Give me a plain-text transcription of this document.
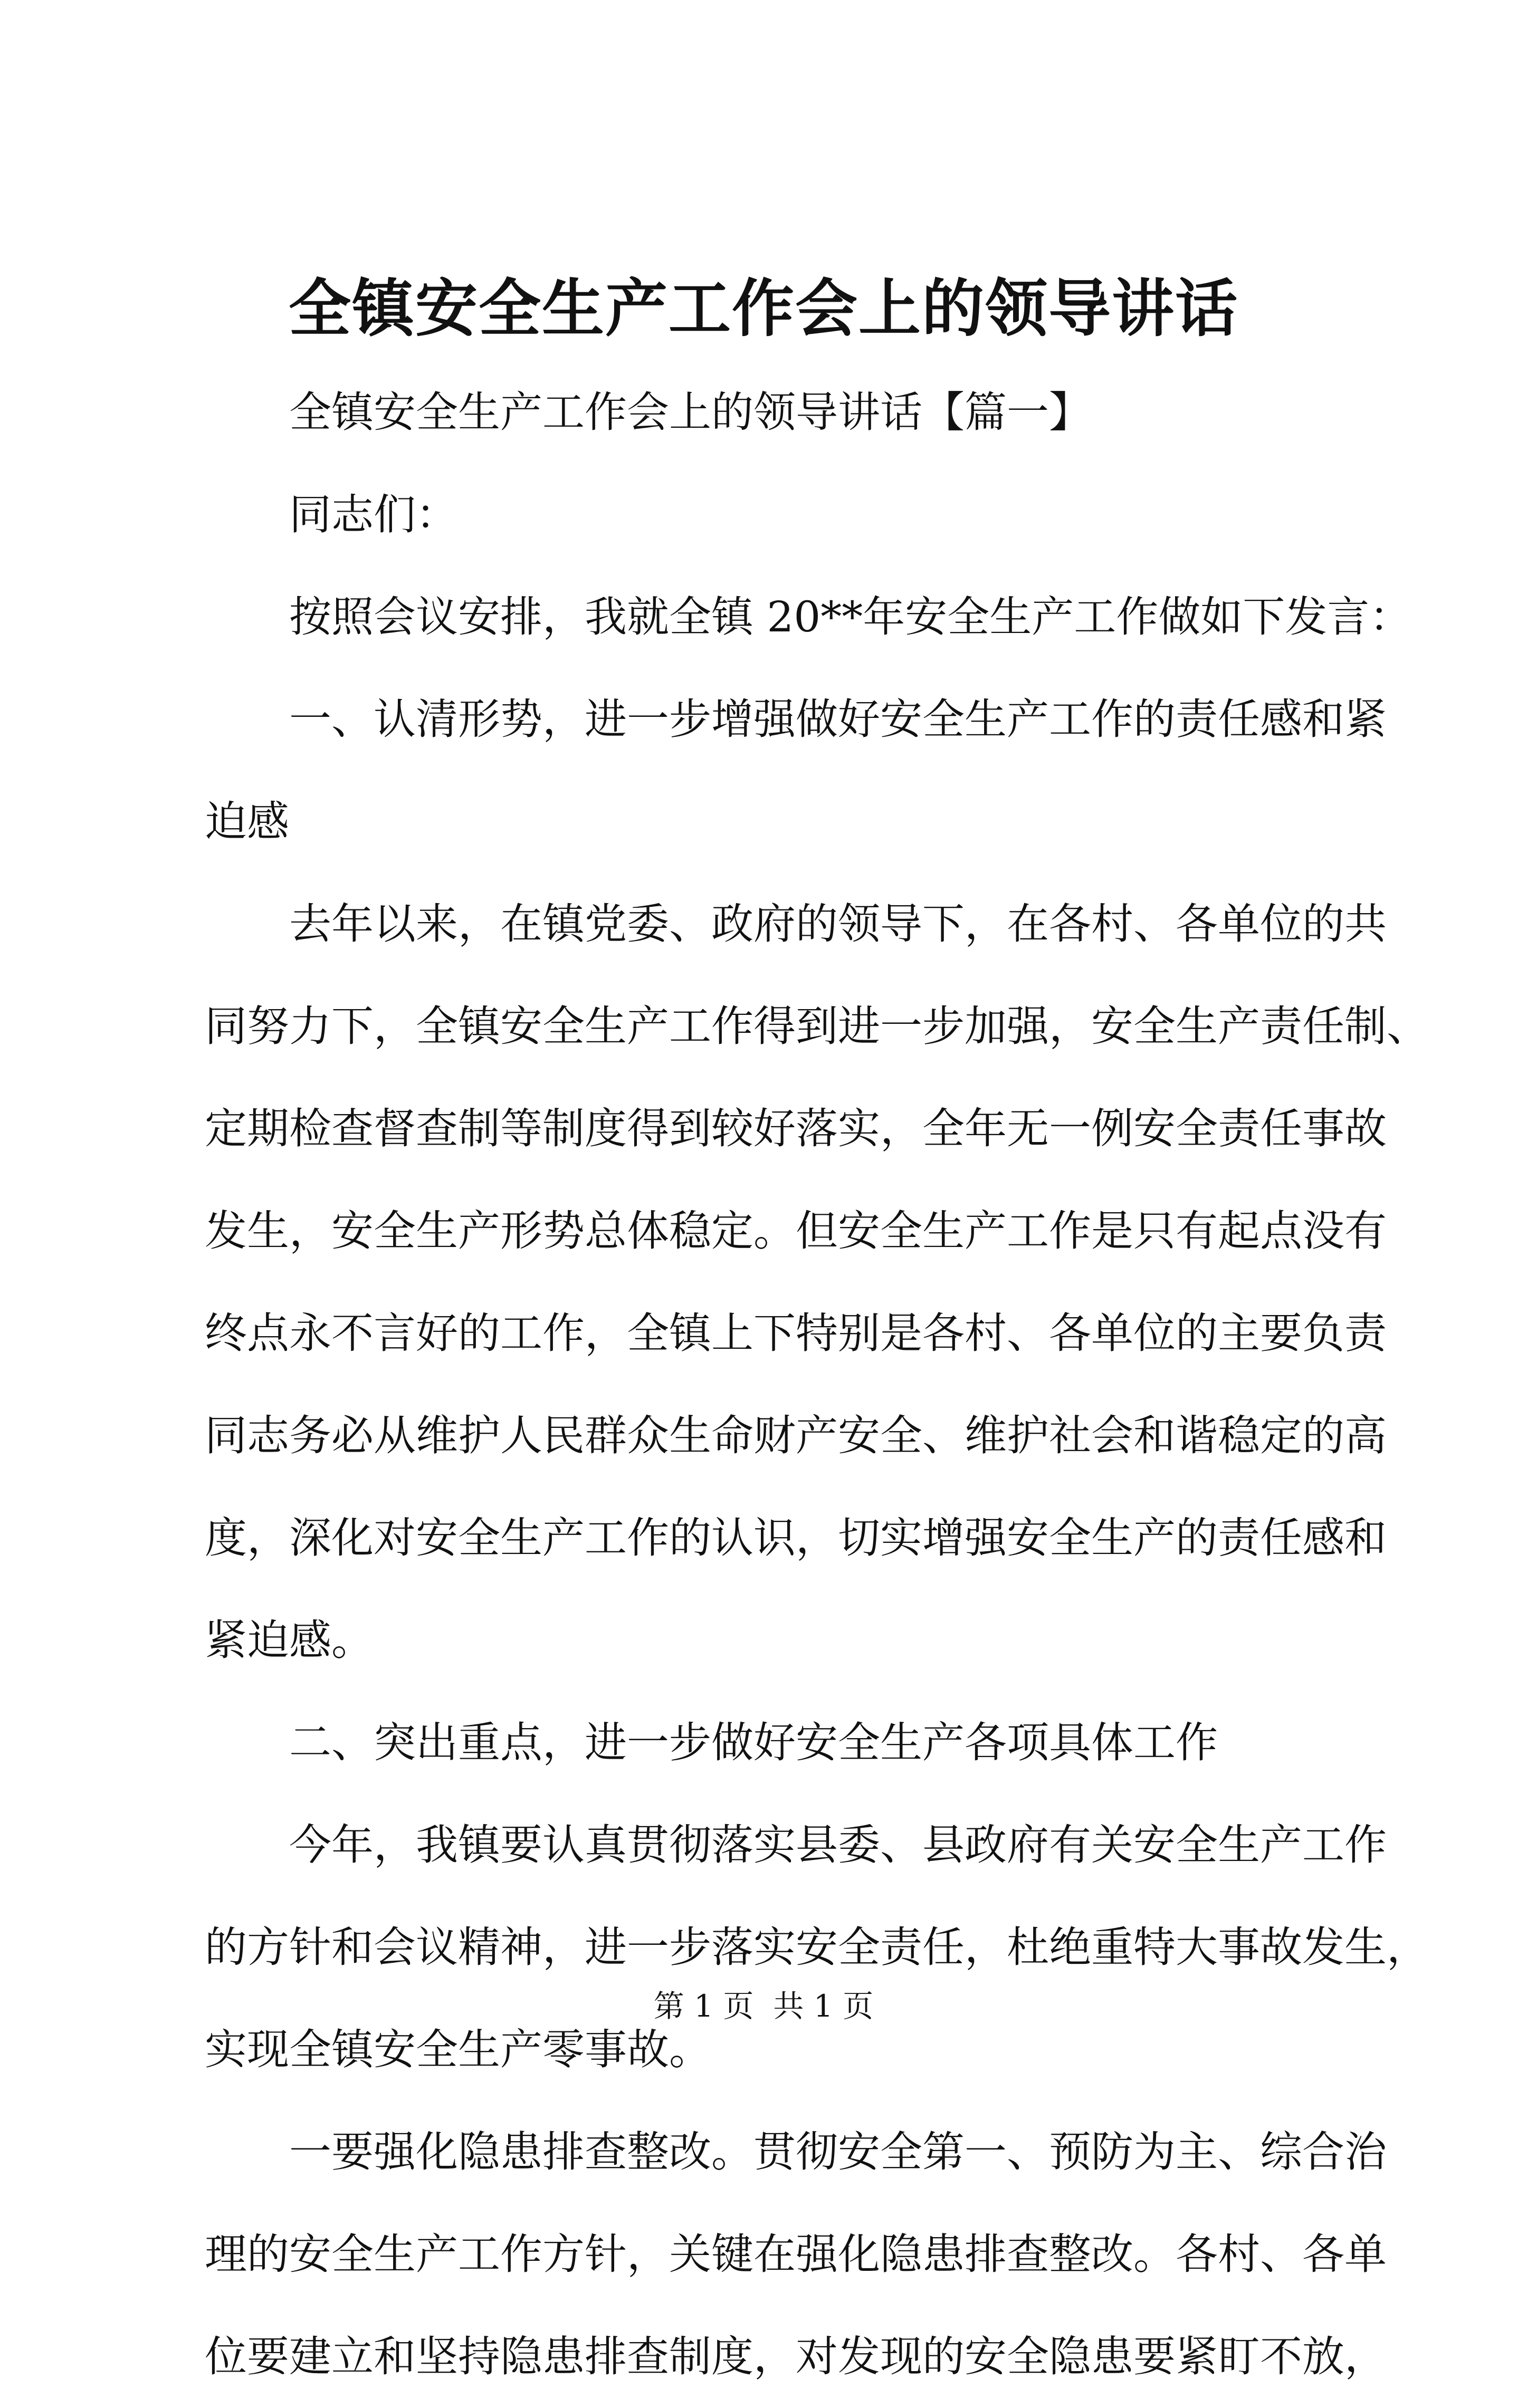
全镇安全生产工作会上的领导讲话
全镇安全生产工作会上的领导讲话【篇一】
同志们：
按照会议安排，我就全镇 20**年安全生产工作做如下发言：
一、认清形势，进一步增强做好安全生产工作的责任感和紧
迫感
去年以来，在镇党委、政府的领导下，在各村、各单位的共
同努力下，全镇安全生产工作得到进一步加强，安全生产责任制、
定期检查督查制等制度得到较好落实，全年无一例安全责任事故
发生，安全生产形势总体稳定。但安全生产工作是只有起点没有
终点永不言好的工作，全镇上下特别是各村、各单位的主要负责
同志务必从维护人民群众生命财产安全、维护社会和谐稳定的高
度，深化对安全生产工作的认识，切实增强安全生产的责任感和
紧迫感。
二、突出重点，进一步做好安全生产各项具体工作
今年，我镇要认真贯彻落实县委、县政府有关安全生产工作
的方针和会议精神，进一步落实安全责任，杜绝重特大事故发生，
实现全镇安全生产零事故。
一要强化隐患排查整改。贯彻安全第一、预防为主、综合治
理的安全生产工作方针，关键在强化隐患排查整改。各村、各单
位要建立和坚持隐患排查制度，对发现的安全隐患要紧盯不放，
第 1 页  共 1 页
